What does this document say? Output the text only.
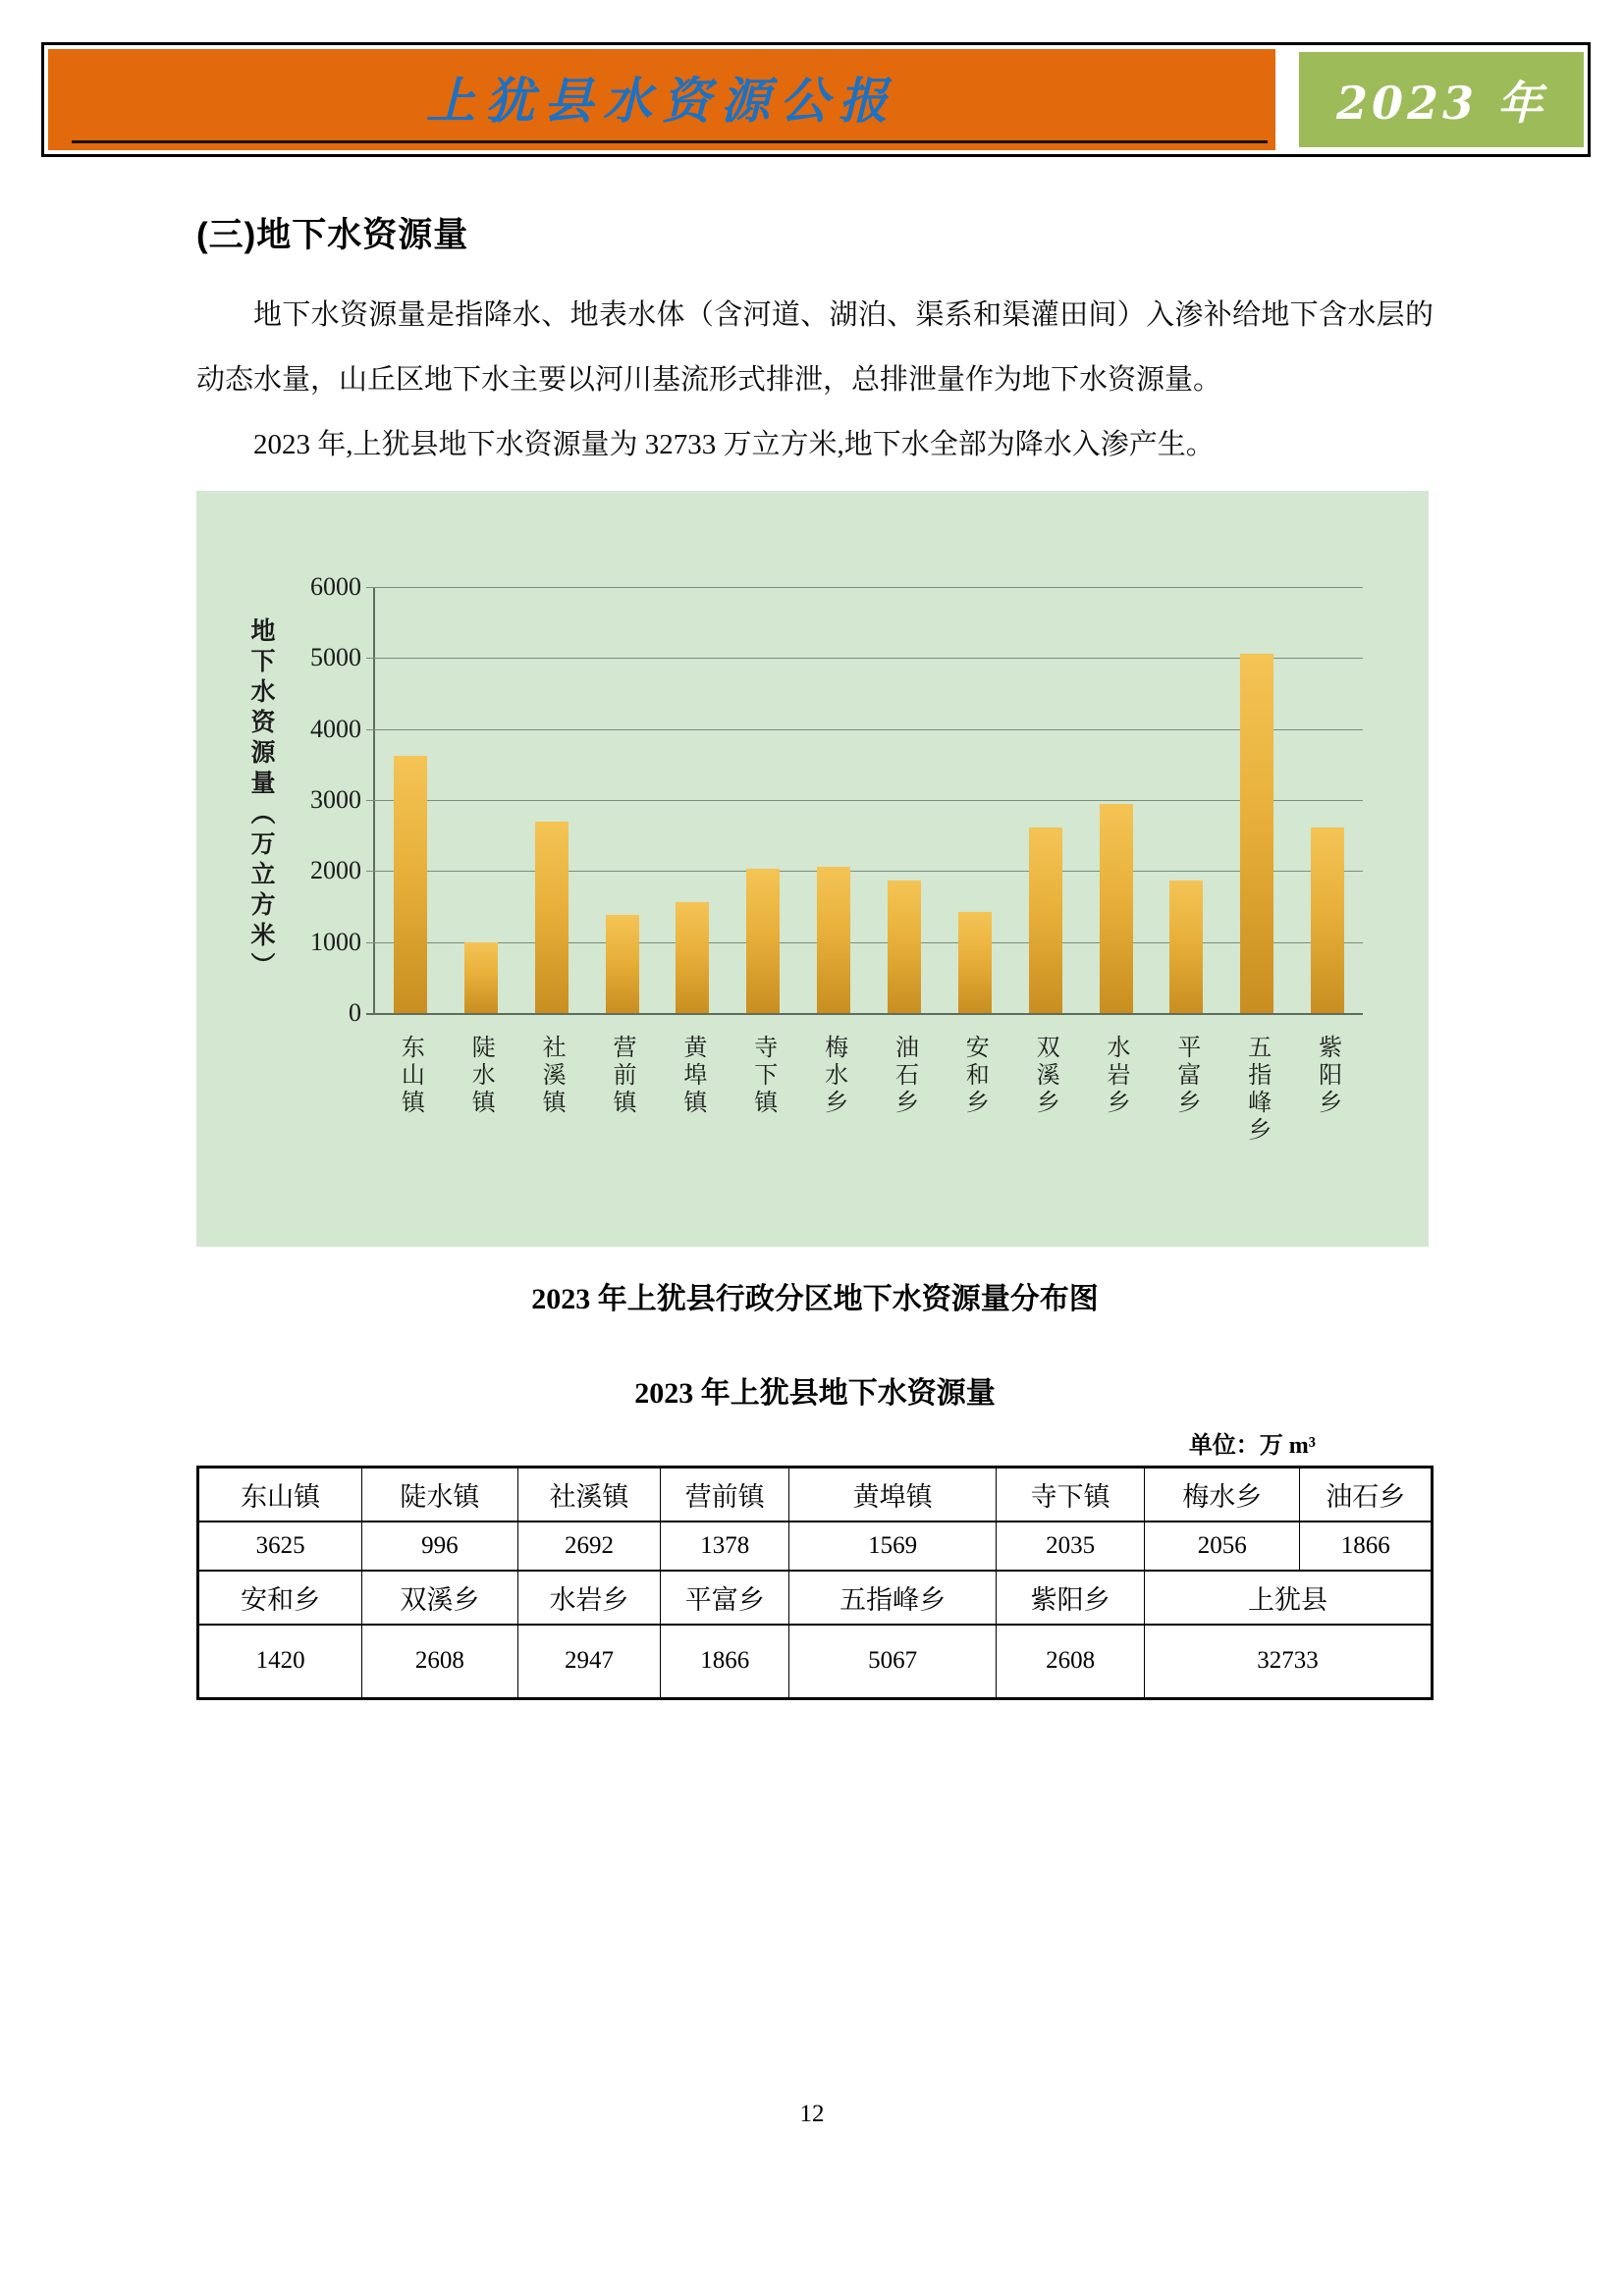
上犹县水资源公报	2023 年
(三)地下水资源量

地下水资源量是指降水、地表水体（含河道、湖泊、渠系和渠灌田间）入渗补给地下含水层的动态水量，山丘区地下水主要以河川基流形式排泄，总排泄量作为地下水资源量。

2023 年,上犹县地下水资源量为 32733 万立方米,地下水全部为降水入渗产生。

地下水资源量（万立方米）
6000
5000
4000
3000
2000
1000
0
东山镇 陡水镇 社溪镇 营前镇 黄埠镇 寺下镇 梅水乡 油石乡 安和乡 双溪乡 水岩乡 平富乡 五指峰乡 紫阳乡
2023 年上犹县行政分区地下水资源量分布图
2023 年上犹县地下水资源量
单位：万 m³
东山镇	陡水镇	社溪镇	营前镇	黄埠镇	寺下镇	梅水乡	油石乡
3625	996	2692	1378	1569	2035	2056	1866
安和乡	双溪乡	水岩乡	平富乡	五指峰乡	紫阳乡	上犹县	
1420	2608	2947	1866	5067	2608	32733	
12
